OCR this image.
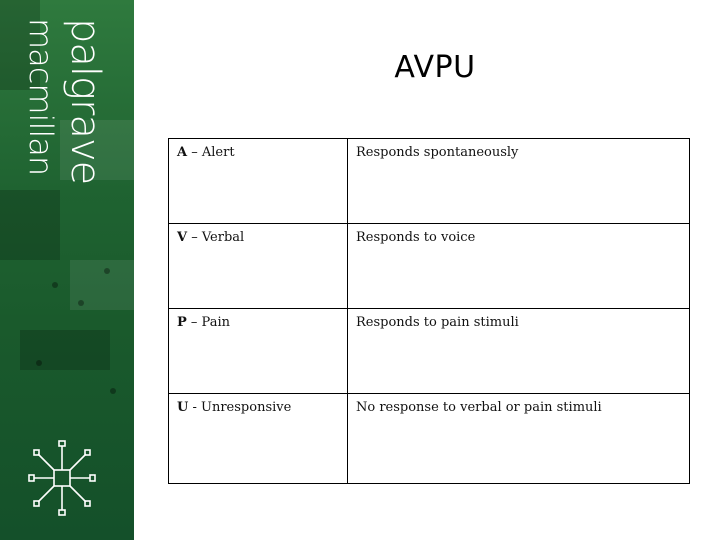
palgrave
macmillan	AVPU
A – Alert	Responds spontaneously
V – Verbal	Responds to voice
P – Pain	Responds to pain stimuli
U - Unresponsive	No response to verbal or pain stimuli
